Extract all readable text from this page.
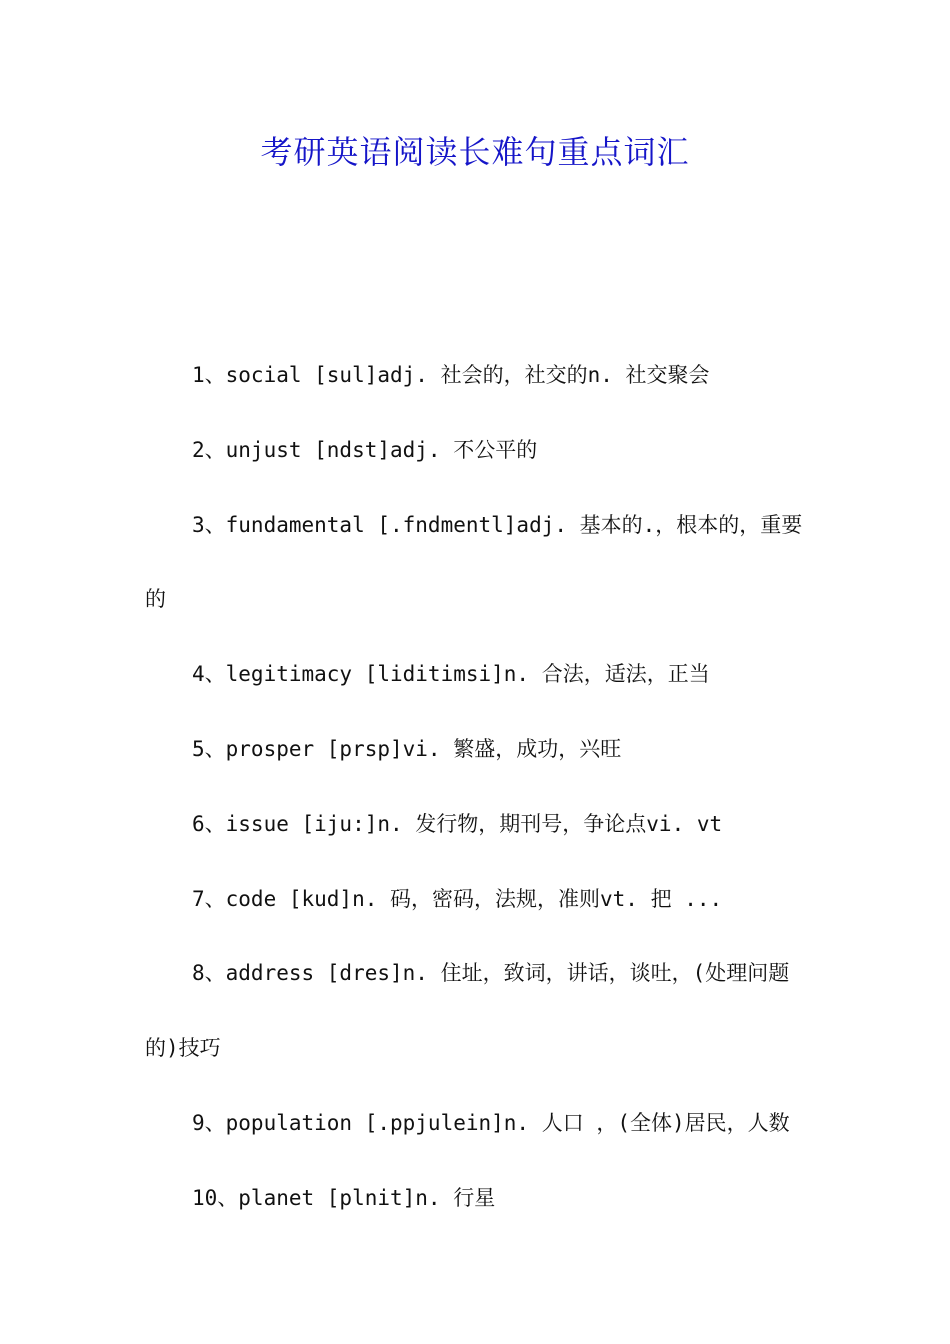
考研英语阅读长难句重点词汇

1、social [sul]adj. 社会的，社交的n. 社交聚会

2、unjust [ndst]adj. 不公平的

3、fundamental [.fndmentl]adj. 基本的.，根本的，重要的

4、legitimacy [liditimsi]n. 合法，适法，正当

5、prosper [prsp]vi. 繁盛，成功，兴旺

6、issue [iju:]n. 发行物，期刊号，争论点vi. vt

7、code [kud]n. 码，密码，法规，准则vt. 把 ...

8、address [dres]n. 住址，致词，讲话，谈吐，(处理问题的)技巧

9、population [.ppjulein]n. 人口 ，(全体)居民，人数

10、planet [plnit]n. 行星
